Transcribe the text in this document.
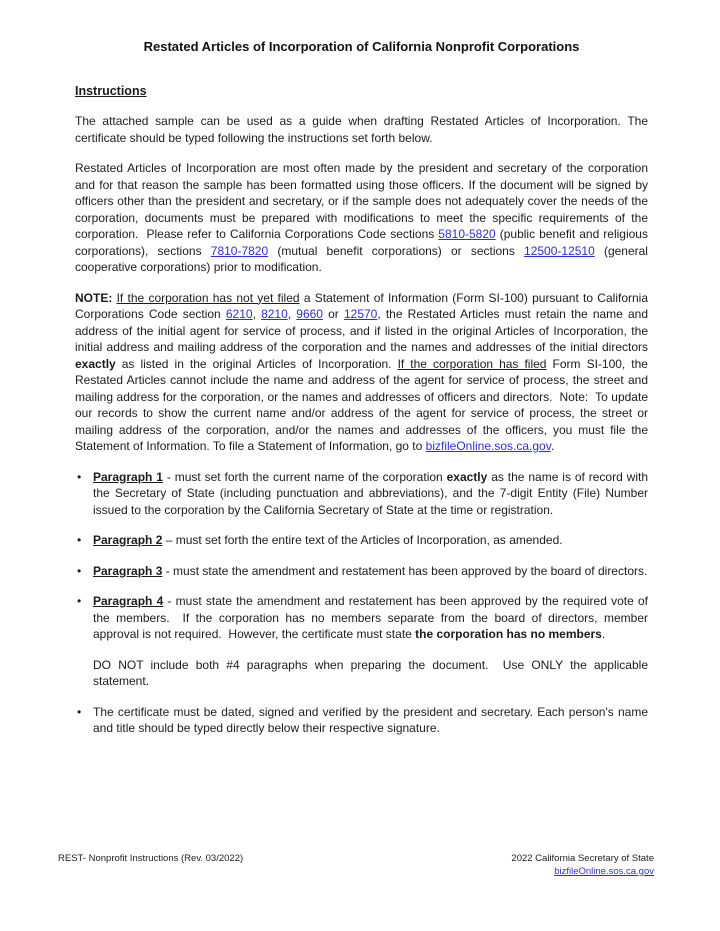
Restated Articles of Incorporation of California Nonprofit Corporations
Instructions

The attached sample can be used as a guide when drafting Restated Articles of Incorporation. The certificate should be typed following the instructions set forth below.

Restated Articles of Incorporation are most often made by the president and secretary of the corporation and for that reason the sample has been formatted using those officers. If the document will be signed by officers other than the president and secretary, or if the sample does not adequately cover the needs of the corporation, documents must be prepared with modifications to meet the specific requirements of the corporation.  Please refer to California Corporations Code sections 5810-5820 (public benefit and religious corporations), sections 7810-7820 (mutual benefit corporations) or sections 12500-12510 (general cooperative corporations) prior to modification.

NOTE: If the corporation has not yet filed a Statement of Information (Form SI-100) pursuant to California Corporations Code section 6210, 8210, 9660 or 12570, the Restated Articles must retain the name and address of the initial agent for service of process, and if listed in the original Articles of Incorporation, the initial address and mailing address of the corporation and the names and addresses of the initial directors exactly as listed in the original Articles of Incorporation. If the corporation has filed Form SI-100, the Restated Articles cannot include the name and address of the agent for service of process, the street and mailing address for the corporation, or the names and addresses of officers and directors.  Note:  To update our records to show the current name and/or address of the agent for service of process, the street or mailing address of the corporation, and/or the names and addresses of the officers, you must file the Statement of Information. To file a Statement of Information, go to bizfileOnline.sos.ca.gov.

• Paragraph 1 - must set forth the current name of the corporation exactly as the name is of record with the Secretary of State (including punctuation and abbreviations), and the 7-digit Entity (File) Number issued to the corporation by the California Secretary of State at the time or registration.
• Paragraph 2 – must set forth the entire text of the Articles of Incorporation, as amended.
• Paragraph 3 - must state the amendment and restatement has been approved by the board of directors.
• Paragraph 4 - must state the amendment and restatement has been approved by the required vote of the members.  If the corporation has no members separate from the board of directors, member approval is not required.  However, the certificate must state the corporation has no members.

DO NOT include both #4 paragraphs when preparing the document.  Use ONLY the applicable statement.

• The certificate must be dated, signed and verified by the president and secretary. Each person's name and title should be typed directly below their respective signature.
REST- Nonprofit Instructions (Rev. 03/2022)	2022 California Secretary of State
bizfileOnline.sos.ca.gov
